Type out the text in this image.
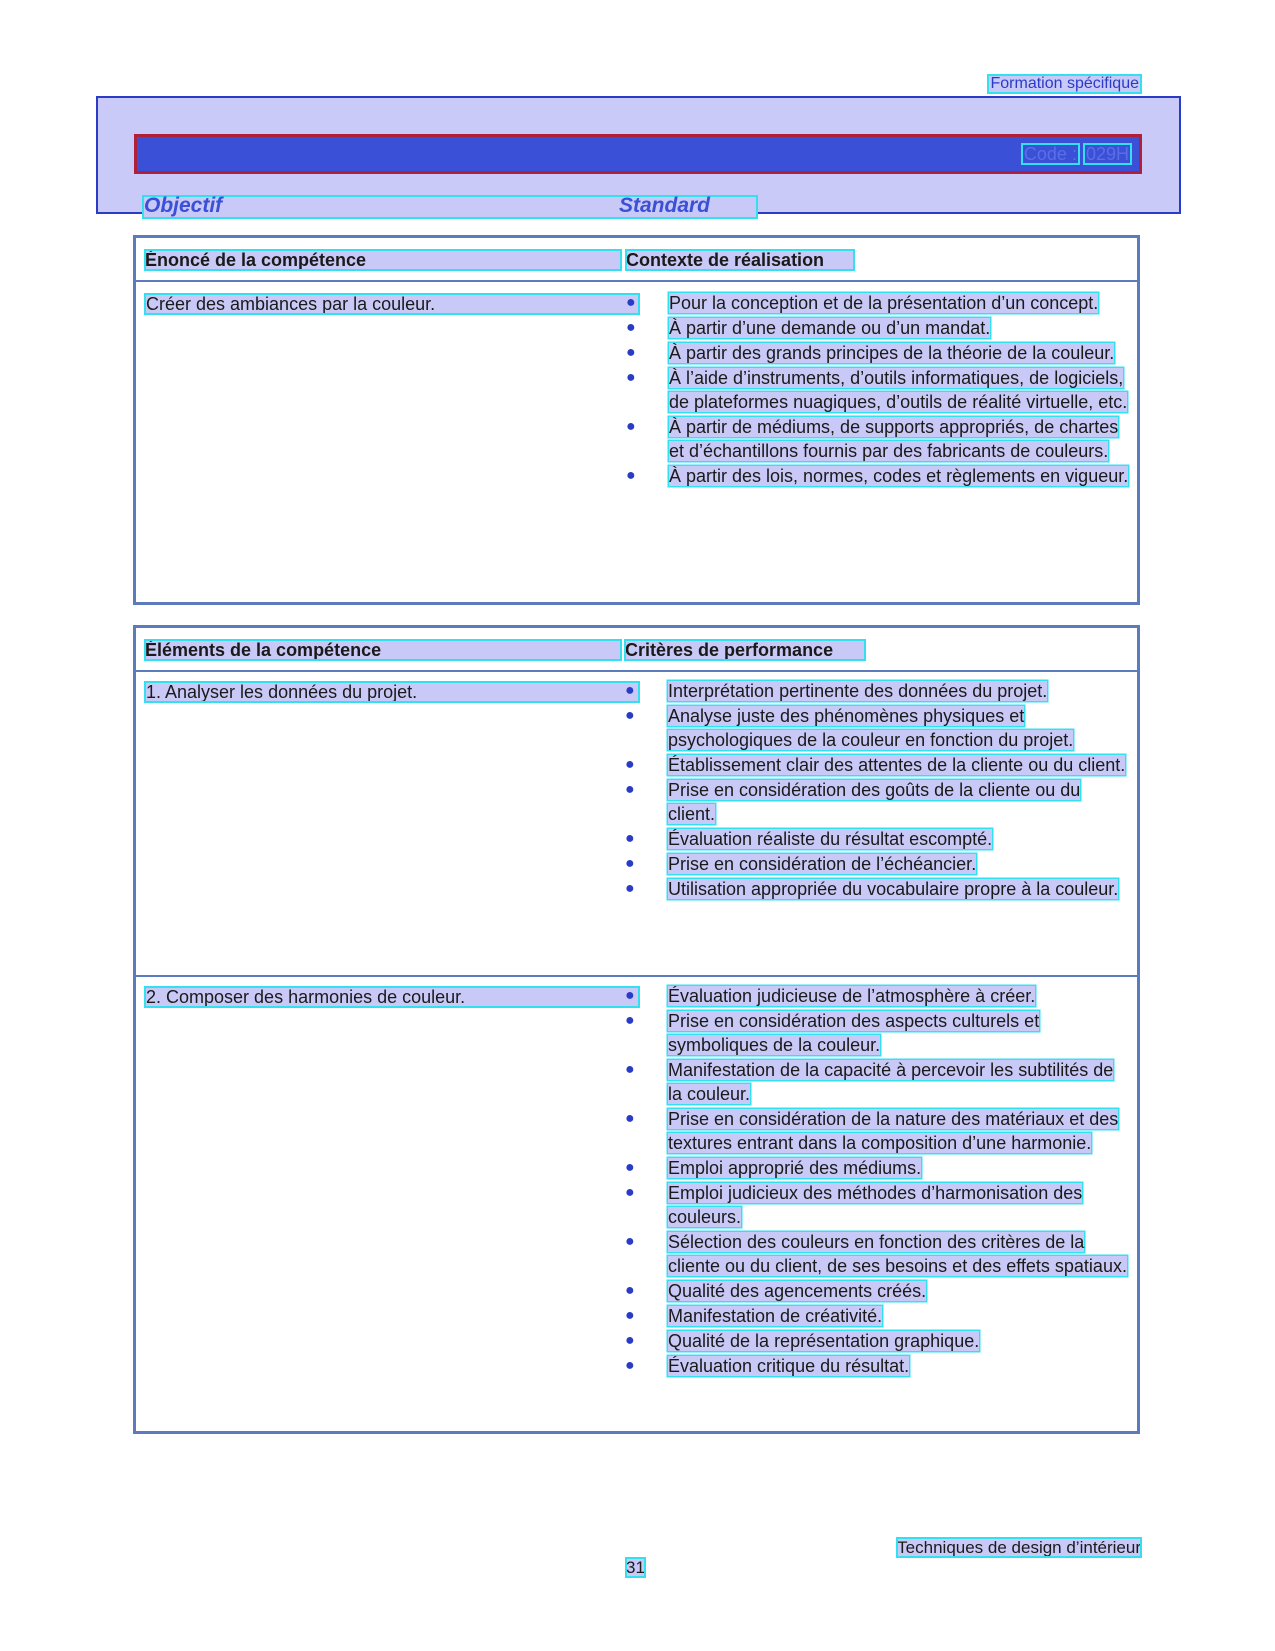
Formation spécifique
Code : 029H
Objectif	Standard
Énoncé de la compétence	Contexte de réalisation
Créer des ambiances par la couleur.	● Pour la conception et de la présentation d’un concept.
● À partir d’une demande ou d’un mandat.
● À partir des grands principes de la théorie de la couleur.
● À l’aide d’instruments, d’outils informatiques, de logiciels, de plateformes nuagiques, d’outils de réalité virtuelle, etc.
● À partir de médiums, de supports appropriés, de chartes et d’échantillons fournis par des fabricants de couleurs.
● À partir des lois, normes, codes et règlements en vigueur.
Éléments de la compétence	Critères de performance
1. Analyser les données du projet.	● Interprétation pertinente des données du projet.
● Analyse juste des phénomènes physiques et psychologiques de la couleur en fonction du projet.
● Établissement clair des attentes de la cliente ou du client.
● Prise en considération des goûts de la cliente ou du client.
● Évaluation réaliste du résultat escompté.
● Prise en considération de l’échéancier.
● Utilisation appropriée du vocabulaire propre à la couleur.
2. Composer des harmonies de couleur.	● Évaluation judicieuse de l’atmosphère à créer.
● Prise en considération des aspects culturels et symboliques de la couleur.
● Manifestation de la capacité à percevoir les subtilités de la couleur.
● Prise en considération de la nature des matériaux et des textures entrant dans la composition d’une harmonie.
● Emploi approprié des médiums.
● Emploi judicieux des méthodes d’harmonisation des couleurs.
● Sélection des couleurs en fonction des critères de la cliente ou du client, de ses besoins et des effets spatiaux.
● Qualité des agencements créés.
● Manifestation de créativité.
● Qualité de la représentation graphique.
● Évaluation critique du résultat.
Techniques de design d’intérieur
31
